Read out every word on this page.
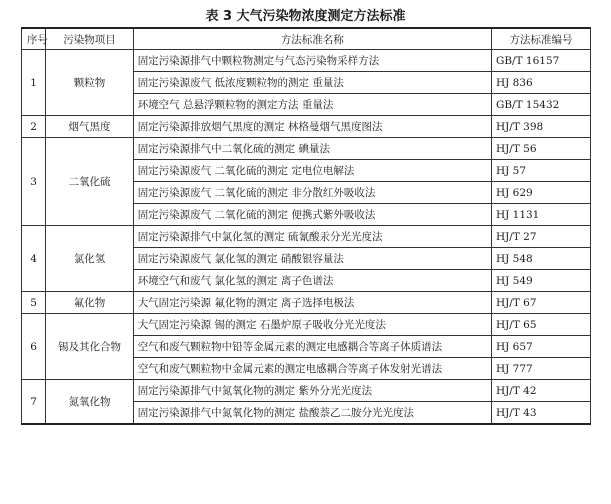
表 3 大气污染物浓度测定方法标准
序号	污染物项目	方法标准名称	方法标准编号
1	颗粒物	固定污染源排气中颗粒物测定与气态污染物采样方法	GB/T 16157
		固定污染源废气 低浓度颗粒物的测定 重量法	HJ 836
		环境空气 总悬浮颗粒物的测定方法 重量法	GB/T 15432
2	烟气黑度	固定污染源排放烟气黑度的测定 林格曼烟气黑度图法	HJ/T 398
3	二氧化硫	固定污染源排气中二氧化硫的测定 碘量法	HJ/T 56
		固定污染源废气 二氧化硫的测定 定电位电解法	HJ 57
		固定污染源废气 二氧化硫的测定 非分散红外吸收法	HJ 629
		固定污染源废气 二氧化硫的测定 便携式紫外吸收法	HJ 1131
4	氯化氢	固定污染源排气中氯化氢的测定 硫氰酸汞分光光度法	HJ/T 27
		固定污染源废气 氯化氢的测定 硝酸银容量法	HJ 548
		环境空气和废气 氯化氢的测定 离子色谱法	HJ 549
5	氟化物	大气固定污染源 氟化物的测定 离子选择电极法	HJ/T 67
6	锡及其化合物	大气固定污染源 锡的测定 石墨炉原子吸收分光光度法	HJ/T 65
		空气和废气颗粒物中铅等金属元素的测定电感耦合等离子体质谱法	HJ 657
		空气和废气颗粒物中金属元素的测定电感耦合等离子体发射光谱法	HJ 777
7	氮氧化物	固定污染源排气中氮氧化物的测定 紫外分光光度法	HJ/T 42
		固定污染源排气中氮氧化物的测定 盐酸萘乙二胺分光光度法	HJ/T 43
